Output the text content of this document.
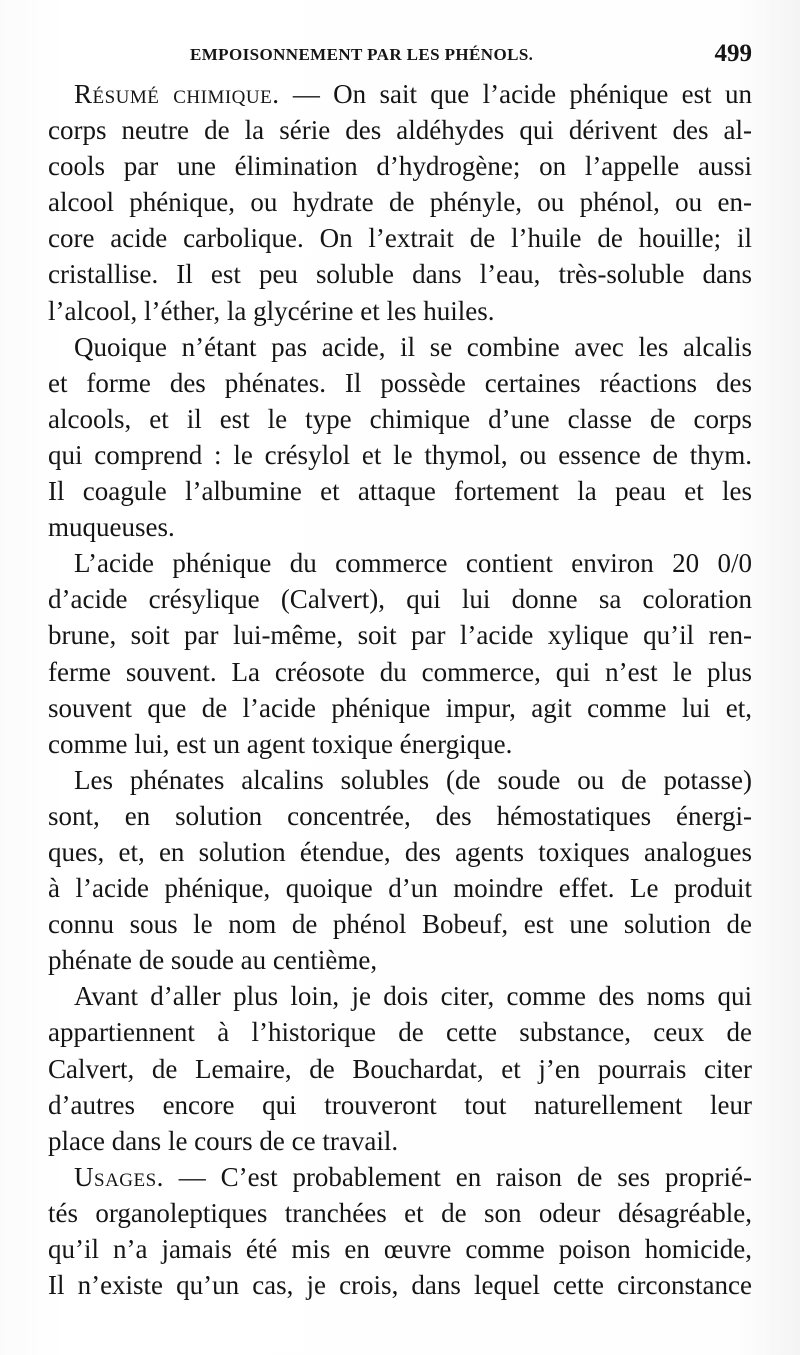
EMPOISONNEMENT PAR LES PHÉNOLS.	499
Résumé chimique. — On sait que l’acide phénique est un
corps neutre de la série des aldéhydes qui dérivent des al-
cools par une élimination d’hydrogène; on l’appelle aussi
alcool phénique, ou hydrate de phényle, ou phénol, ou en-
core acide carbolique. On l’extrait de l’huile de houille; il
cristallise. Il est peu soluble dans l’eau, très-soluble dans
l’alcool, l’éther, la glycérine et les huiles.
Quoique n’étant pas acide, il se combine avec les alcalis
et forme des phénates. Il possède certaines réactions des
alcools, et il est le type chimique d’une classe de corps
qui comprend : le crésylol et le thymol, ou essence de thym.
Il coagule l’albumine et attaque fortement la peau et les
muqueuses.
L’acide phénique du commerce contient environ 20 0/0
d’acide crésylique (Calvert), qui lui donne sa coloration
brune, soit par lui-même, soit par l’acide xylique qu’il ren-
ferme souvent. La créosote du commerce, qui n’est le plus
souvent que de l’acide phénique impur, agit comme lui et,
comme lui, est un agent toxique énergique.
Les phénates alcalins solubles (de soude ou de potasse)
sont, en solution concentrée, des hémostatiques énergi-
ques, et, en solution étendue, des agents toxiques analogues
à l’acide phénique, quoique d’un moindre effet. Le produit
connu sous le nom de phénol Bobeuf, est une solution de
phénate de soude au centième,
Avant d’aller plus loin, je dois citer, comme des noms qui
appartiennent à l’historique de cette substance, ceux de
Calvert, de Lemaire, de Bouchardat, et j’en pourrais citer
d’autres encore qui trouveront tout naturellement leur
place dans le cours de ce travail.
Usages. — C’est probablement en raison de ses proprié-
tés organoleptiques tranchées et de son odeur désagréable,
qu’il n’a jamais été mis en œuvre comme poison homicide,
Il n’existe qu’un cas, je crois, dans lequel cette circonstance
